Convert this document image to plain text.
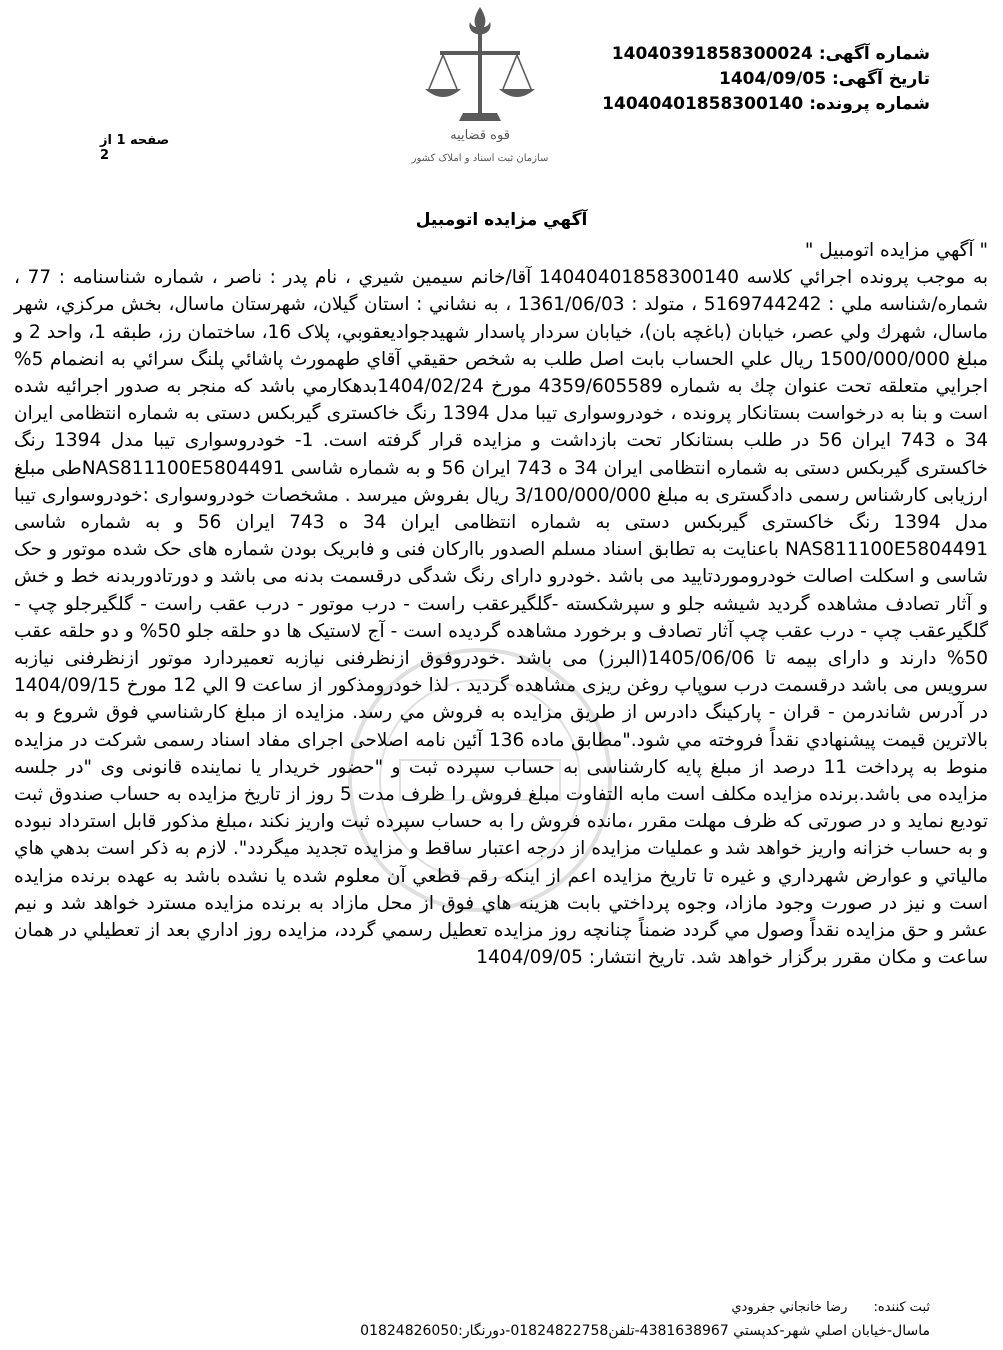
قوه قضاییه
سازمان ثبت اسناد و املاک کشور
شماره آگهی: 14040391858300024
تاریخ آگهی: 1404/09/05
شماره پرونده: 14040401858300140
صفحه 1 از 2
آگهي مزايده اتومبيل

" آگهي مزايده اتومبيل "

به موجب پرونده اجرائي كلاسه 14040401858300140 آقا/خانم سيمين شيري ، نام پدر : ناصر ، شماره شناسنامه : 77 ، شماره/شناسه ملي : 5169744242 ، متولد : 1361/06/03 ، به نشاني : استان گيلان، شهرستان ماسال، بخش مركزي، شهر ماسال، شهرك ولي عصر، خيابان (باغچه بان)، خيابان سردار پاسدار شهيدجواديعقوبي، پلاک 16، ساختمان رز، طبقه 1، واحد 2 و مبلغ 1500/000/000 ريال علي الحساب بابت اصل طلب به شخص حقيقي آقاي طهمورث پاشائي پلنگ سرائي به انضمام 5% اجرايي متعلقه تحت عنوان چك به شماره 4359/605589 مورخ 1404/02/24بدهكارمي باشد كه منجر به صدور اجرائيه شده است و بنا به درخواست بستانكار پرونده ، خودروسواری تیبا مدل 1394 رنگ خاكستری گیربکس دستی به شماره انتظامی ایران 34 ه 743 ایران 56 در طلب بستانكار تحت بازداشت و مزايده قرار گرفته است. 1- خودروسواری تیبا مدل 1394 رنگ خاكستری گیربکس دستی به شماره انتظامی ایران 34 ه 743 ایران 56 و به شماره شاسی NAS811100E5804491طی مبلغ ارزيابی کارشناس رسمی دادگستری به مبلغ 3/100/000/000 ريال بفروش ميرسد . مشخصات خودروسواری :خودروسواری تیبا مدل 1394 رنگ خاكستری گیربکس دستی به شماره انتظامی ایران 34 ه 743 ایران 56 و به شماره شاسی NAS811100E5804491 باعنایت به تطابق اسناد مسلم الصدور باارکان فنی و فابریک بودن شماره های حک شده موتور و حک شاسی و اسکلت اصالت خودروموردتایید می باشد .خودرو دارای رنگ شدگی درقسمت بدنه می باشد و دورتادوربدنه خط و خش و آثار تصادف مشاهده گردید شیشه جلو و سپرشکسته -گلگیرعقب راست - درب موتور - درب عقب راست - گلگیرجلو چپ - گلگیرعقب چپ - درب عقب چپ آثار تصادف و برخورد مشاهده گردیده است - آج لاستیک ها دو حلقه جلو 50% و دو حلقه عقب 50% دارند و دارای بیمه تا 1405/06/06(البرز) می باشد .خودروفوق ازنظرفنی نیازبه تعمیردارد موتور ازنظرفنی نیازبه سرویس می باشد درقسمت درب سوپاپ روغن ریزی مشاهده گردید . لذا خودرومذکور از ساعت 9 الي 12 مورخ 1404/09/15 در آدرس شاندرمن - قران - پارکینگ دادرس از طريق مزايده به فروش مي رسد. مزايده از مبلغ كارشناسي فوق شروع و به بالاترين قيمت پيشنهادي نقداً فروخته مي شود."مطابق ماده 136 آئین نامه اصلاحی اجرای مفاد اسناد رسمی شرکت در مزایده منوط به پرداخت 11 درصد از مبلغ پایه کارشناسی به حساب سپرده ثبت و "حضور خریدار یا نماینده قانونی وی "در جلسه مزایده می باشد.برنده مزایده مکلف است مابه التفاوت مبلغ فروش را ظرف مدت 5 روز از تاریخ مزایده به حساب صندوق ثبت تودیع نماید و در صورتی که ظرف مهلت مقرر ،مانده فروش را به حساب سپرده ثبت واریز نکند ،مبلغ مذکور قابل استرداد نبوده و به حساب خزانه واریز خواهد شد و عملیات مزایده از درجه اعتبار ساقط و مزایده تجدید میگردد". لازم به ذكر است بدهي هاي مالياتي و عوارض شهرداري و غيره تا تاريخ مزايده اعم از اينكه رقم قطعي آن معلوم شده يا نشده باشد به عهده برنده مزايده است و نيز در صورت وجود مازاد، وجوه پرداختي بابت هزينه هاي فوق از محل مازاد به برنده مزايده مسترد خواهد شد و نيم عشر و حق مزايده نقداً وصول مي گردد ضمناً چنانچه روز مزايده تعطيل رسمي گردد، مزايده روز اداري بعد از تعطيلي در همان ساعت و مكان مقرر برگزار خواهد شد. تاریخ انتشار: 1404/09/05

ثبت كننده: رضا خانجاني جفرودي
ماسال-خیابان اصلي شهر-كدپستي 4381638967-تلفن01824822758-دورنگار:01824826050
